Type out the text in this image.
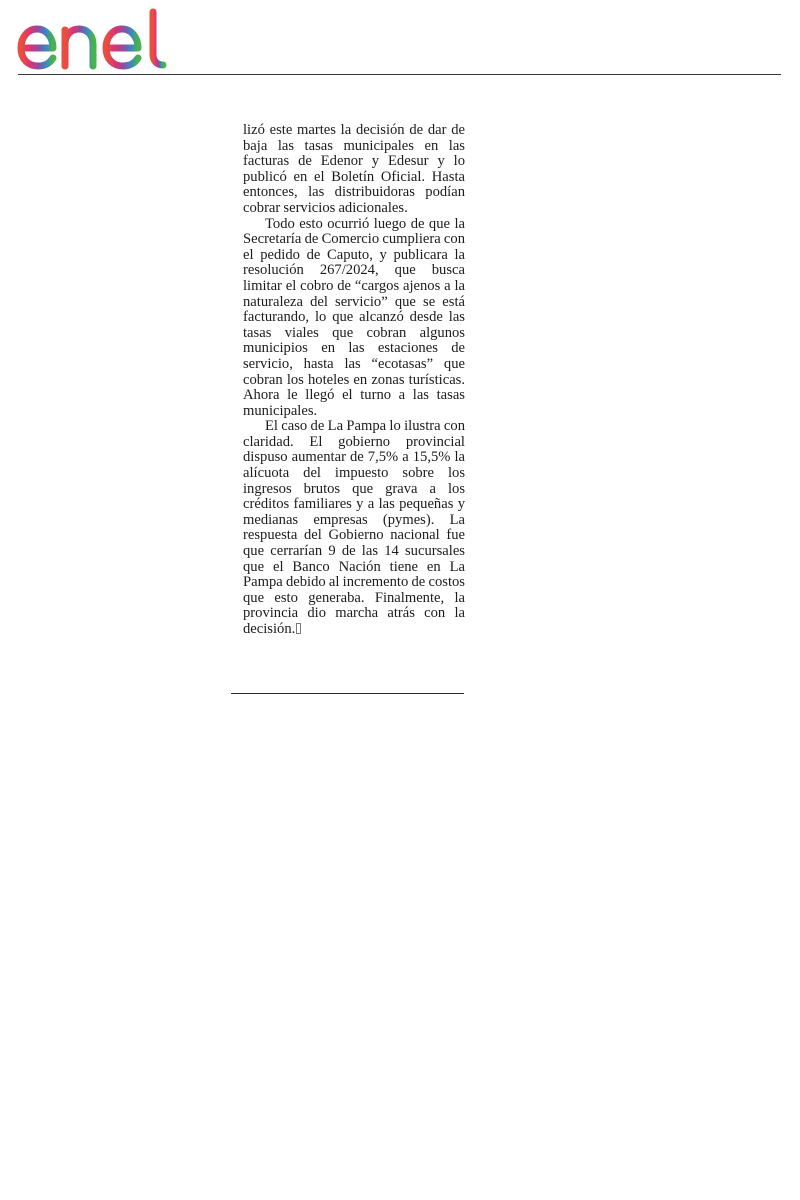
lizó este martes la decisión de dar de baja las tasas municipales en las facturas de Edenor y Edesur y lo publicó en el Boletín Oficial. Hasta entonces, las distribuidoras podían cobrar servicios adicionales.

Todo esto ocurrió luego de que la Secretaría de Comercio cumpliera con el pedido de Caputo, y publicara la resolución 267/2024, que busca limitar el cobro de “cargos ajenos a la naturaleza del servicio” que se está facturando, lo que alcanzó desde las tasas viales que cobran algunos municipios en las estaciones de servicio, hasta las “ecotasas” que cobran los hoteles en zonas turísticas. Ahora le llegó el turno a las tasas municipales.

El caso de La Pampa lo ilustra con claridad. El gobierno provincial dispuso aumentar de 7,5% a 15,5% la alícuota del impuesto sobre los ingresos brutos que grava a los créditos familiares y a las pequeñas y medianas empresas (pymes). La respuesta del Gobierno nacional fue que cerrarían 9 de las 14 sucursales que el Banco Nación tiene en La Pampa debido al incremento de costos que esto generaba. Finalmente, la provincia dio marcha atrás con la decisión.
